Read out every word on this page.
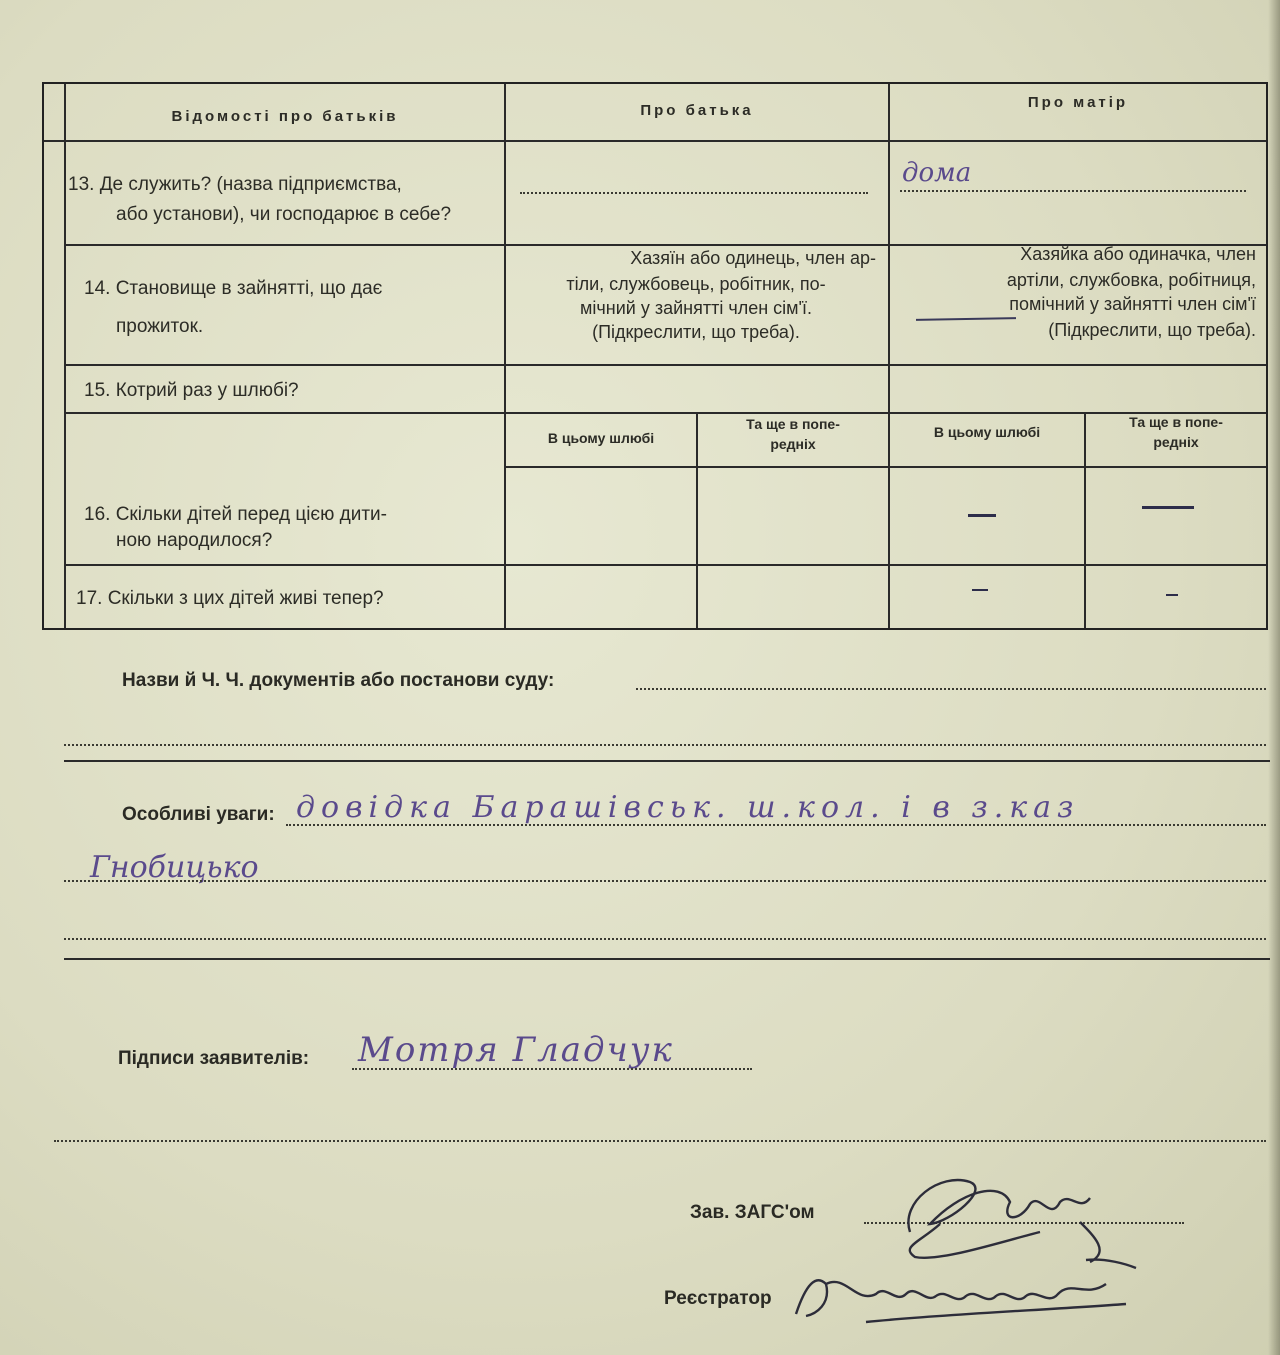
Відомості про батьків	Про батька	Про матір
13. Де служить? (назва підприємства,
або установи), чи господарює в себе?
дома
14. Становище в зайнятті, що дає
прожиток.
Хазяїн або одинець, член ар-
тіли, службовець, робітник, по-
мічний у зайнятті член сім'ї.
(Підкреслити, що треба).
Хазяйка або одиначка, член
артіли, службовка, робітниця,
помічний у зайнятті член сім'ї
(Підкреслити, що треба).
15. Котрий раз у шлюбі?
В цьому шлюбі
Та ще в попе-
редніх
В цьому шлюбі
Та ще в попе-
редніх
16. Скільки дітей перед цією дити-
ною народилося?
17. Скільки з цих дітей живі тепер?
Назви й Ч. Ч. документів або постанови суду:
Особливі уваги: довідка Барашівськ. ш.кол. і в з.каз
Гнобицько
Підписи заявителів: Мотря Гладчук
Зав. ЗАГС'ом
Реєстратор
